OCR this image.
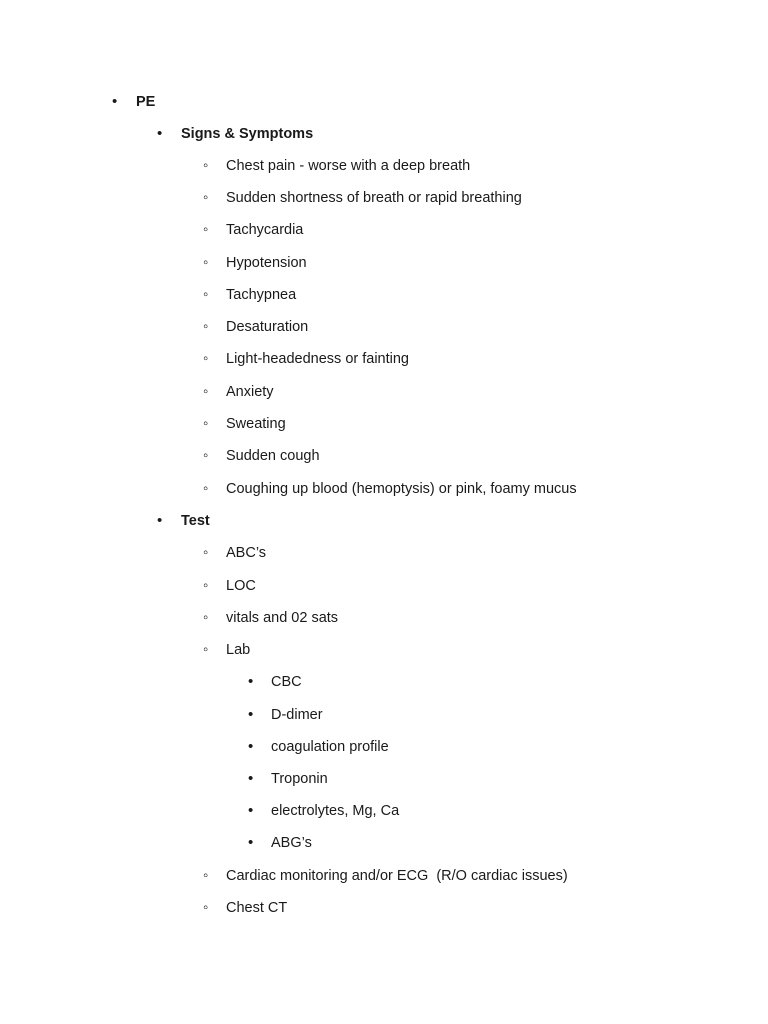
•
PE
•
Signs & Symptoms
◦
Chest pain - worse with a deep breath
◦
Sudden shortness of breath or rapid breathing
◦
Tachycardia
◦
Hypotension
◦
Tachypnea
◦
Desaturation
◦
Light-headedness or fainting
◦
Anxiety
◦
Sweating
◦
Sudden cough
◦
Coughing up blood (hemoptysis) or pink, foamy mucus
•
Test
◦
ABC’s
◦
LOC
◦
vitals and 02 sats
◦
Lab
•
CBC
•
D-dimer
•
coagulation profile
•
Troponin
•
electrolytes, Mg, Ca
•
ABG’s
◦
Cardiac monitoring and/or ECG  (R/O cardiac issues)
◦
Chest CT
